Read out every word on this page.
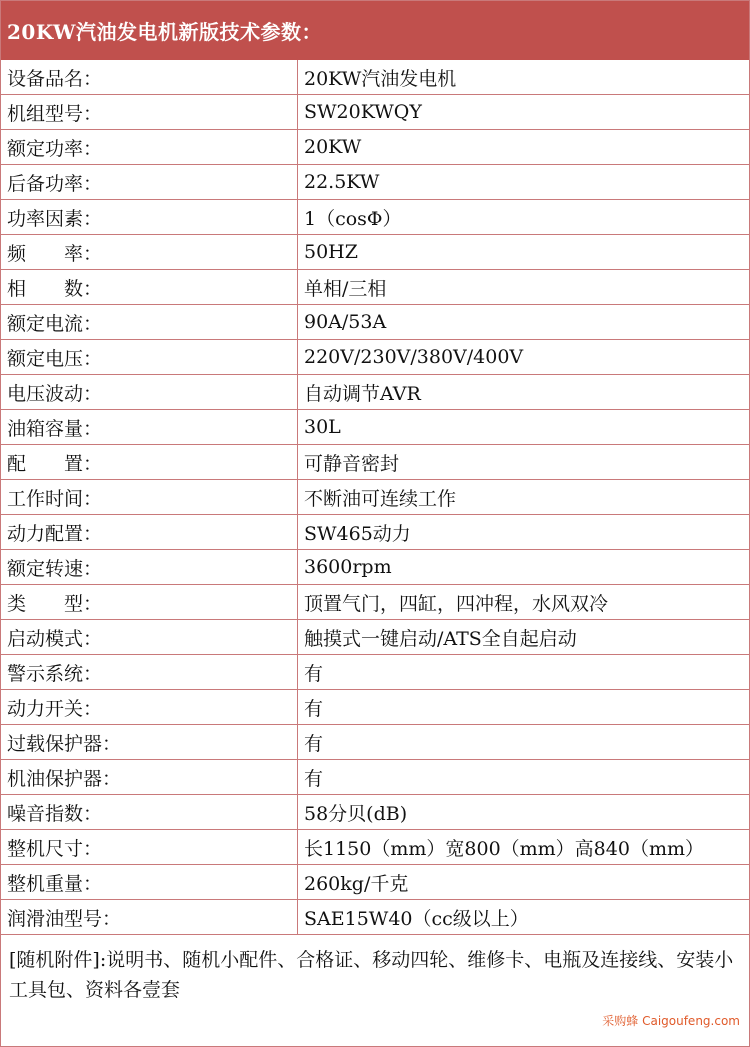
20KW汽油发电机新版技术参数：
设备品名：	20KW汽油发电机
机组型号：	SW20KWQY
额定功率：	20KW
后备功率：	22.5KW
功率因素：	1（cosΦ）
频　　率：	50HZ
相　　数：	单相/三相
额定电流：	90A/53A
额定电压：	220V/230V/380V/400V
电压波动：	自动调节AVR
油箱容量：	30L
配　　置：	可静音密封
工作时间：	不断油可连续工作
动力配置：	SW465动力
额定转速：	3600rpm
类　　型：	顶置气门，四缸，四冲程，水风双冷
启动模式：	触摸式一键启动/ATS全自起启动
警示系统：	有
动力开关：	有
过载保护器：	有
机油保护器：	有
噪音指数：	58分贝(dB)
整机尺寸：	长1150（mm）宽800（mm）高840（mm）
整机重量：	260kg/千克
润滑油型号：	SAE15W40（cc级以上）
[随机附件]:说明书、随机小配件、合格证、移动四轮、维修卡、电瓶及连接线、安装小工具包、资料各壹套
采购蜂 Caigoufeng.com
